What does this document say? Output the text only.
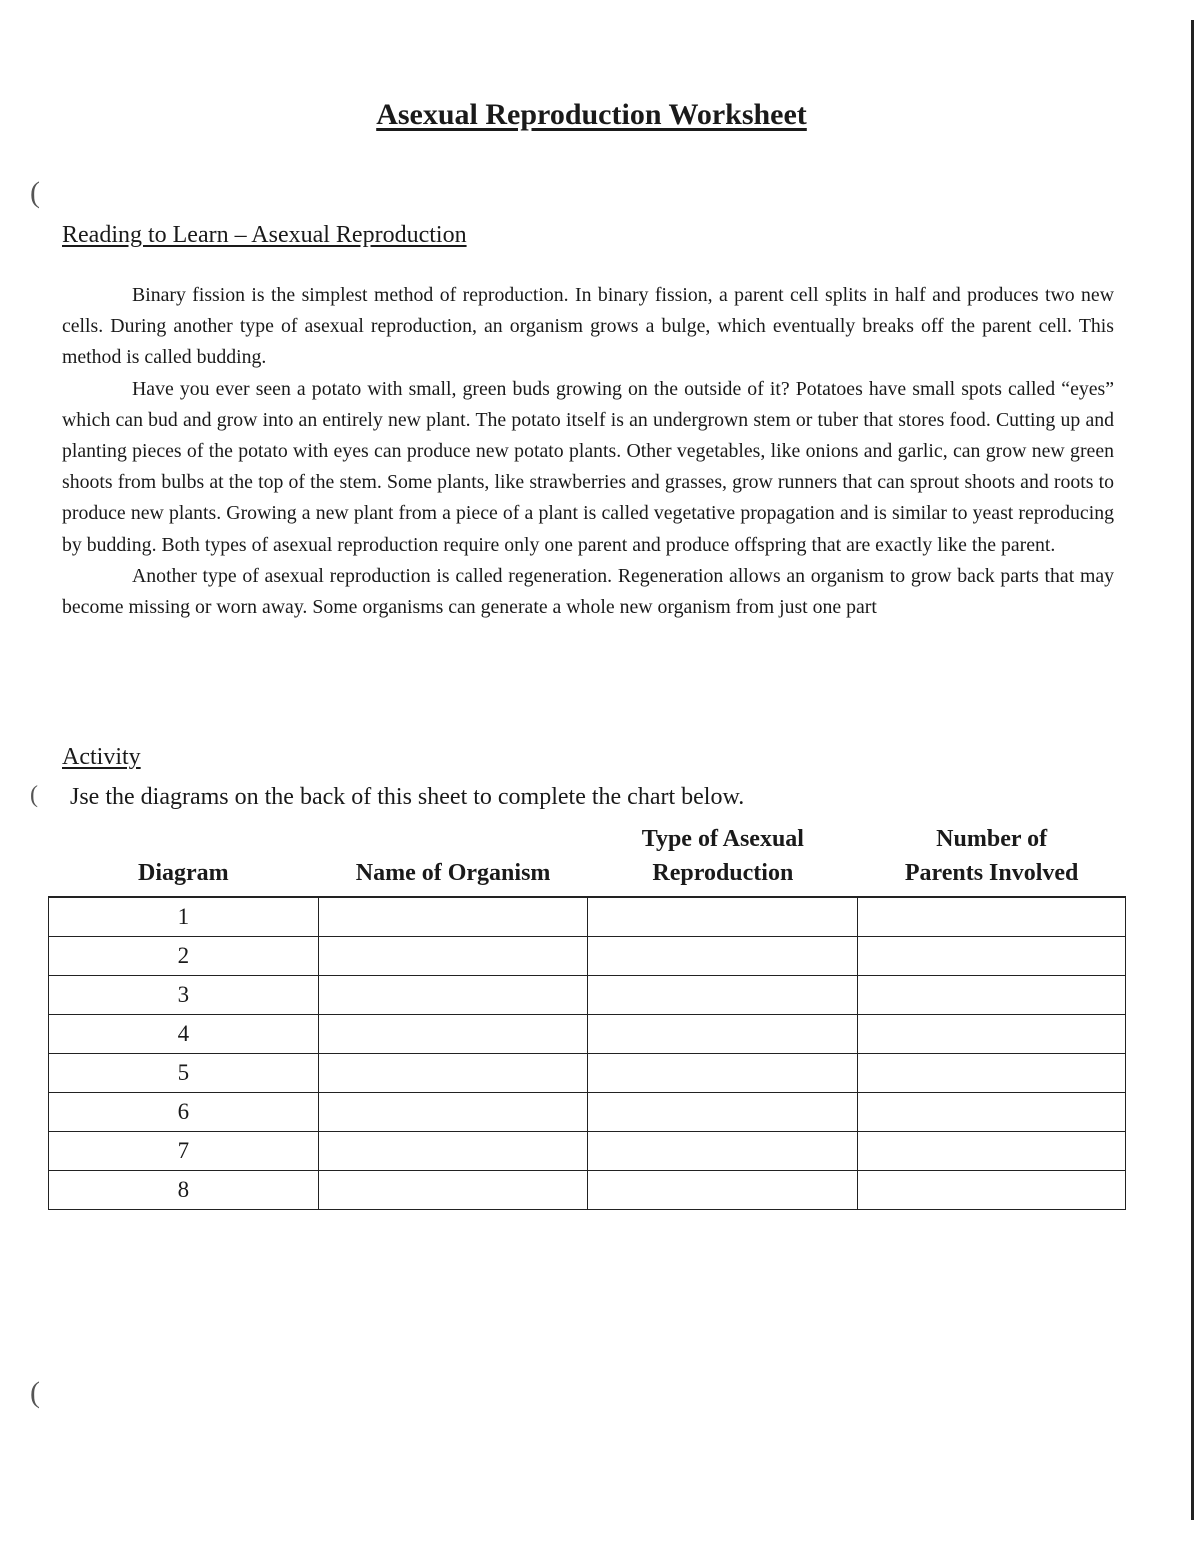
(
(
(
Asexual Reproduction Worksheet
Reading to Learn – Asexual Reproduction

Binary fission is the simplest method of reproduction. In binary fission, a parent cell splits in half and produces two new cells. During another type of asexual reproduction, an organism grows a bulge, which eventually breaks off the parent cell. This method is called budding.

Have you ever seen a potato with small, green buds growing on the outside of it? Potatoes have small spots called “eyes” which can bud and grow into an entirely new plant. The potato itself is an undergrown stem or tuber that stores food. Cutting up and planting pieces of the potato with eyes can produce new potato plants. Other vegetables, like onions and garlic, can grow new green shoots from bulbs at the top of the stem. Some plants, like strawberries and grasses, grow runners that can sprout shoots and roots to produce new plants. Growing a new plant from a piece of a plant is called vegetative propagation and is similar to yeast reproducing by budding. Both types of asexual reproduction require only one parent and produce offspring that are exactly like the parent.

Another type of asexual reproduction is called regeneration. Regeneration allows an organism to grow back parts that may become missing or worn away. Some organisms can generate a whole new organism from just one part

Activity

Jse the diagrams on the back of this sheet to complete the chart below.

Diagram	Name of Organism	Type of Asexual
Reproduction	Number of
Parents Involved
1			
2			
3			
4			
5			
6			
7			
8			
